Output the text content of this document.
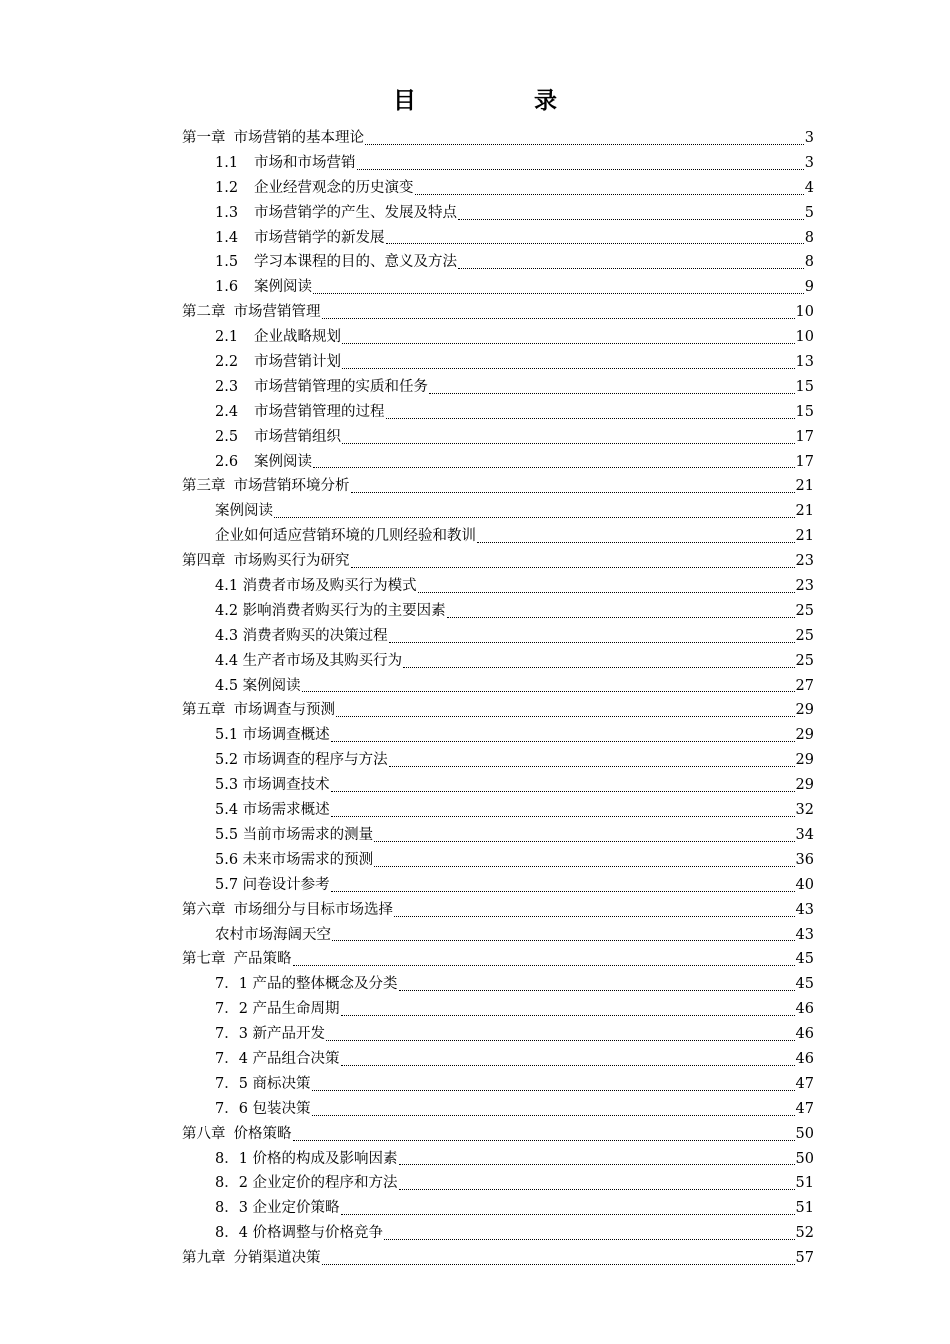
目	录
第一章 市场营销的基本理论	3
1.1	市场和市场营销	3
1.2	企业经营观念的历史演变	4
1.3	市场营销学的产生、发展及特点	5
1.4	市场营销学的新发展	8
1.5	学习本课程的目的、意义及方法	8
1.6	案例阅读	9
第二章 市场营销管理	10
2.1	企业战略规划	10
2.2	市场营销计划	13
2.3	市场营销管理的实质和任务	15
2.4	市场营销管理的过程	15
2.5	市场营销组织	17
2.6	案例阅读	17
第三章 市场营销环境分析	21
案例阅读	21
企业如何适应营销环境的几则经验和教训	21
第四章 市场购买行为研究	23
4.1 消费者市场及购买行为模式	23
4.2 影响消费者购买行为的主要因素	25
4.3 消费者购买的决策过程	25
4.4 生产者市场及其购买行为	25
4.5 案例阅读	27
第五章 市场调查与预测	29
5.1 市场调查概述	29
5.2 市场调查的程序与方法	29
5.3 市场调查技术	29
5.4 市场需求概述	32
5.5 当前市场需求的测量	34
5.6 未来市场需求的预测	36
5.7 问卷设计参考	40
第六章 市场细分与目标市场选择	43
农村市场海阔天空	43
第七章 产品策略	45
7．1 产品的整体概念及分类	45
7．2 产品生命周期	46
7．3 新产品开发	46
7．4 产品组合决策	46
7．5 商标决策	47
7．6 包装决策	47
第八章 价格策略	50
8．1 价格的构成及影响因素	50
8．2 企业定价的程序和方法	51
8．3 企业定价策略	51
8．4 价格调整与价格竞争	52
第九章 分销渠道决策	57
